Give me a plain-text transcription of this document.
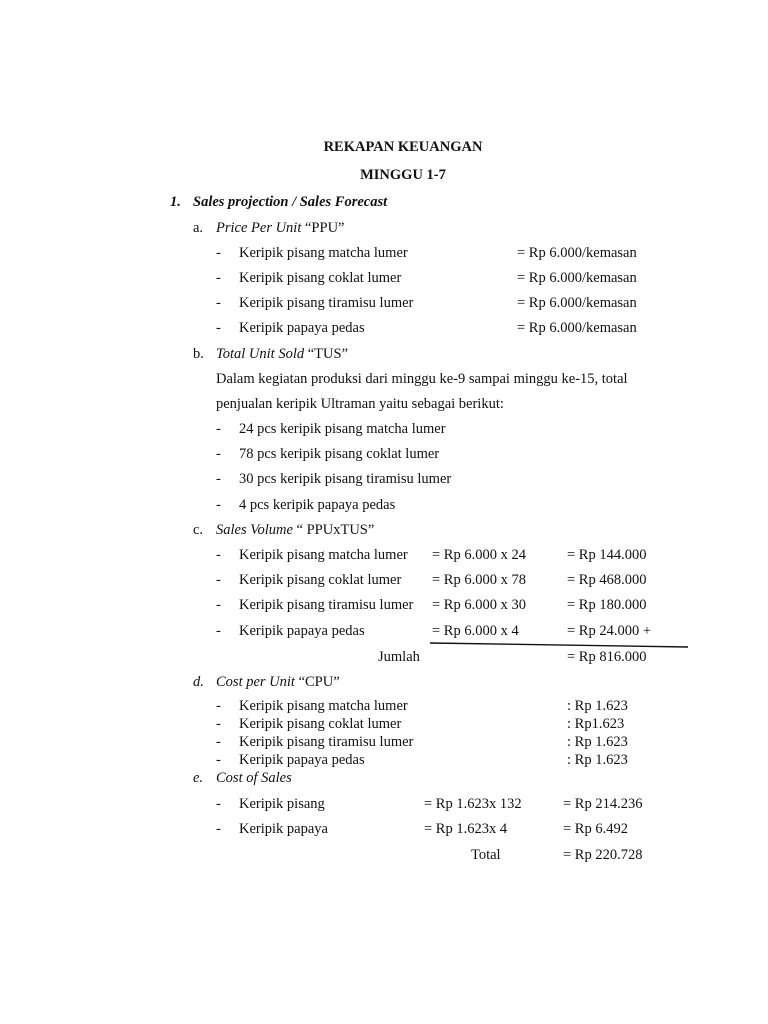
REKAPAN KEUANGAN
MINGGU 1-7
1. Sales projection / Sales Forecast
a. Price Per Unit “PPU”
- Keripik pisang matcha lumer	= Rp 6.000/kemasan
- Keripik pisang coklat lumer	= Rp 6.000/kemasan
- Keripik pisang tiramisu lumer	= Rp 6.000/kemasan
- Keripik papaya pedas	= Rp 6.000/kemasan
b. Total Unit Sold “TUS”
Dalam kegiatan produksi dari minggu ke-9 sampai minggu ke-15, total
penjualan keripik Ultraman yaitu sebagai berikut:
- 24 pcs keripik pisang matcha lumer
- 78 pcs keripik pisang coklat lumer
- 30 pcs keripik pisang tiramisu lumer
- 4 pcs keripik papaya pedas
c. Sales Volume “ PPUxTUS”
- Keripik pisang matcha lumer = Rp 6.000 x 24	= Rp 144.000
- Keripik pisang coklat lumer = Rp 6.000 x 78	= Rp 468.000
- Keripik pisang tiramisu lumer = Rp 6.000 x 30	= Rp 180.000
- Keripik papaya pedas	= Rp 6.000 x 4	= Rp 24.000 +
Jumlah	= Rp 816.000
d. Cost per Unit “CPU”
- Keripik pisang matcha lumer	: Rp 1.623
- Keripik pisang coklat lumer	: Rp1.623
- Keripik pisang tiramisu lumer	: Rp 1.623
- Keripik papaya pedas	: Rp 1.623
e. Cost of Sales
- Keripik pisang	= Rp 1.623x 132	= Rp 214.236
- Keripik papaya	= Rp 1.623x 4	= Rp 6.492
Total	= Rp 220.728
